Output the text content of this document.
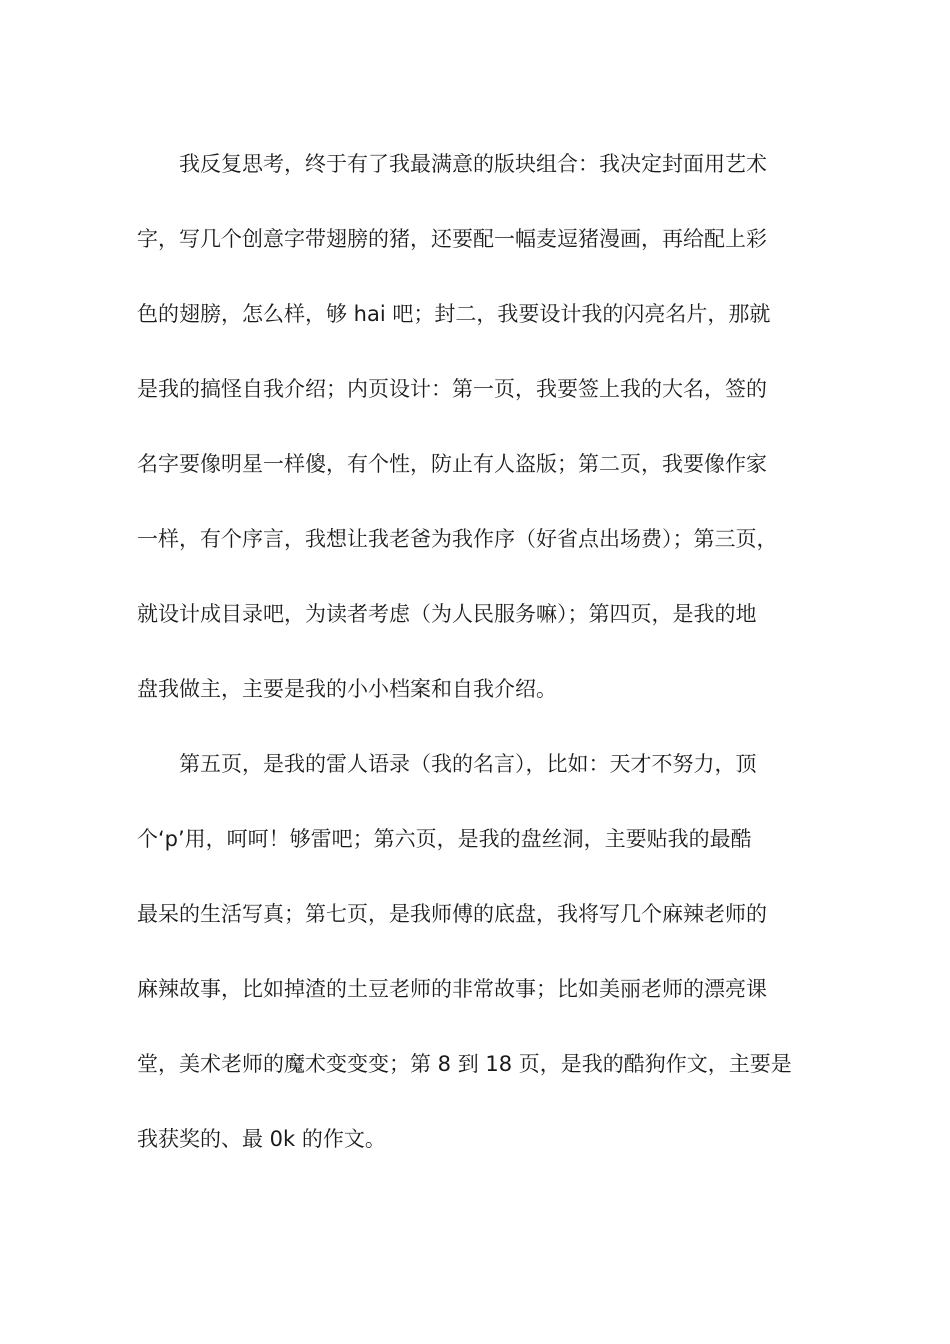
我反复思考，终于有了我最满意的版块组合：我决定封面用艺术

字，写几个创意字带翅膀的猪，还要配一幅麦逗猪漫画，再给配上彩

色的翅膀，怎么样，够 hai 吧；封二，我要设计我的闪亮名片，那就

是我的搞怪自我介绍；内页设计：第一页，我要签上我的大名，签的

名字要像明星一样傻，有个性，防止有人盗版；第二页，我要像作家

一样，有个序言，我想让我老爸为我作序（好省点出场费）；第三页，

就设计成目录吧，为读者考虑（为人民服务嘛）；第四页，是我的地

盘我做主，主要是我的小小档案和自我介绍。

第五页，是我的雷人语录（我的名言），比如：天才不努力，顶

个‘p’用，呵呵！够雷吧；第六页，是我的盘丝洞，主要贴我的最酷

最呆的生活写真；第七页，是我师傅的底盘，我将写几个麻辣老师的

麻辣故事，比如掉渣的土豆老师的非常故事；比如美丽老师的漂亮课

堂，美术老师的魔术变变变；第 8 到 18 页，是我的酷狗作文，主要是

我获奖的、最 0k 的作文。
